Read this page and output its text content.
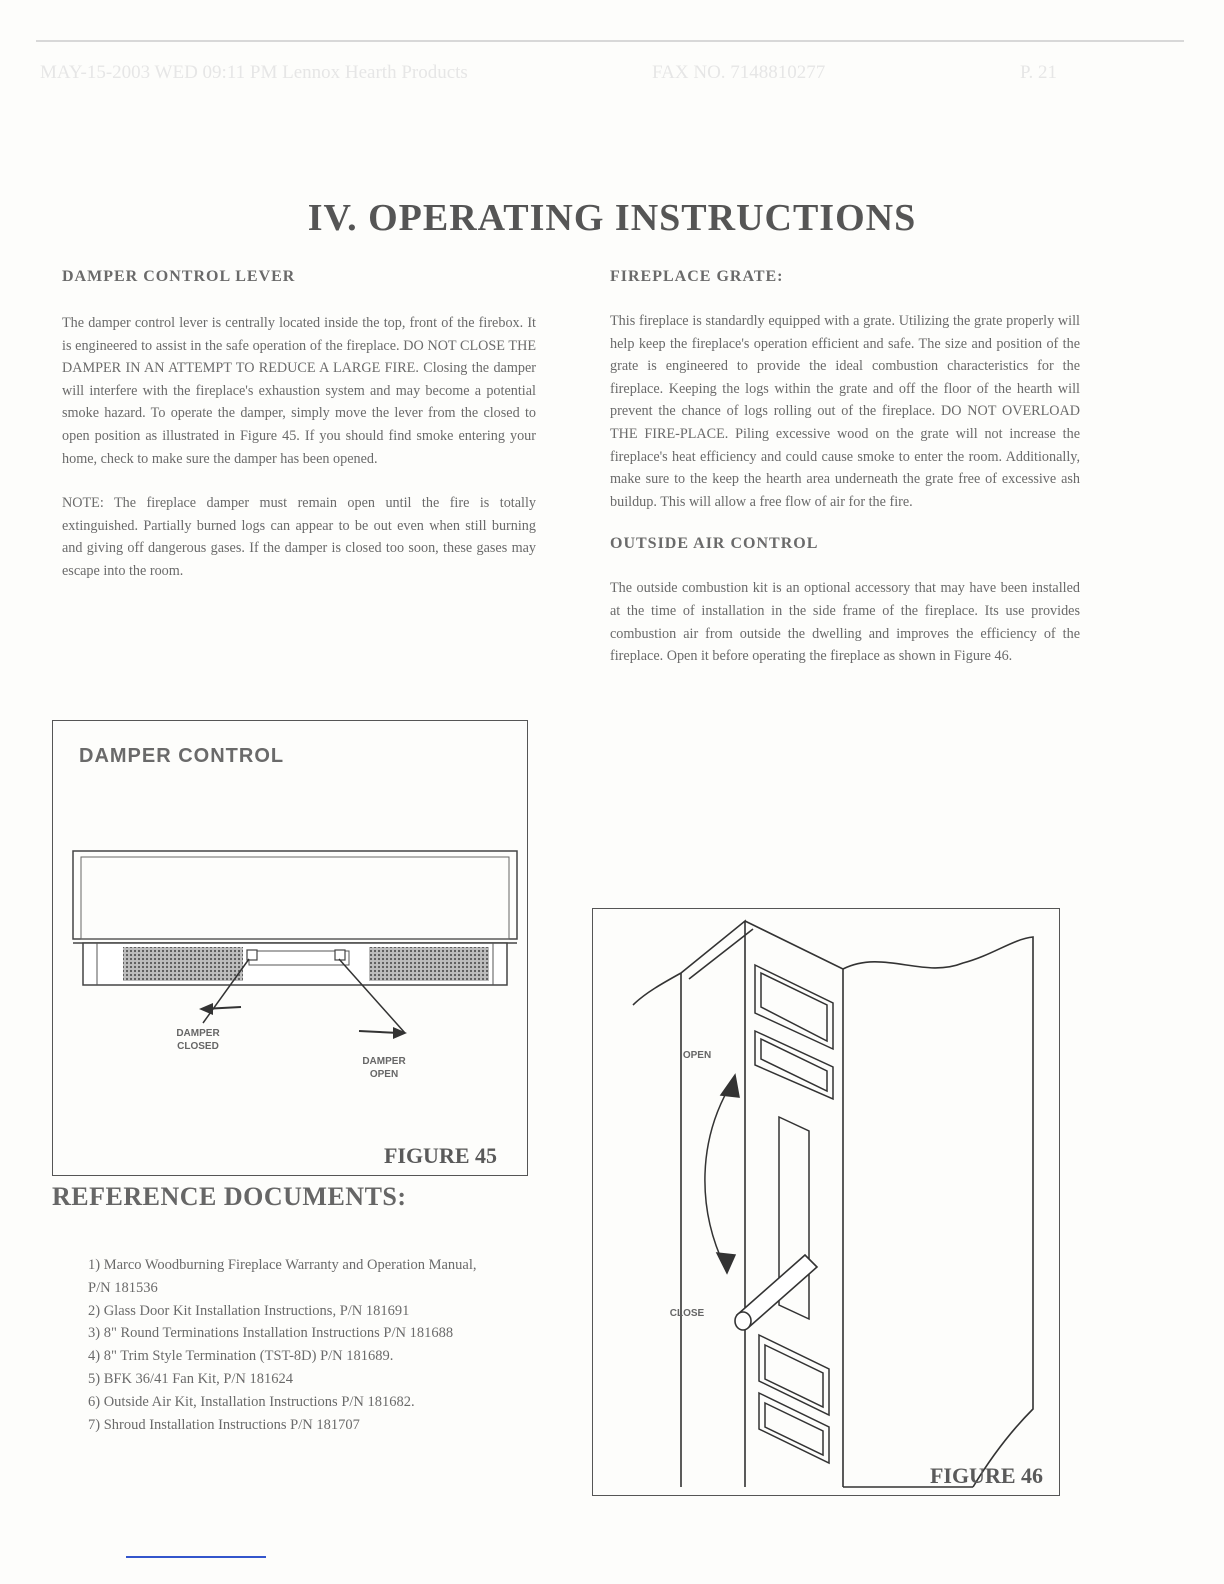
MAY-15-2003 WED 09:11 PM Lennox Hearth Products	FAX NO. 7148810277	P. 21
IV. OPERATING INSTRUCTIONS
DAMPER CONTROL LEVER

The damper control lever is centrally located inside the top, front of the firebox. It is engineered to assist in the safe operation of the fireplace. DO NOT CLOSE THE DAMPER IN AN ATTEMPT TO REDUCE A LARGE FIRE. Closing the damper will interfere with the fireplace's exhaustion system and may become a potential smoke hazard. To operate the damper, simply move the lever from the closed to open position as illustrated in Figure 45. If you should find smoke entering your home, check to make sure the damper has been opened.

NOTE: The fireplace damper must remain open until the fire is totally extinguished. Partially burned logs can appear to be out even when still burning and giving off dangerous gases. If the damper is closed too soon, these gases may escape into the room.

DAMPER CONTROL
DAMPER
CLOSED
DAMPER
OPEN
FIGURE 45
REFERENCE DOCUMENTS:
1) Marco Woodburning Fireplace Warranty and Operation Manual, P/N 181536
2) Glass Door Kit Installation Instructions, P/N 181691
3) 8" Round Terminations Installation Instructions P/N 181688
4) 8" Trim Style Termination (TST-8D) P/N 181689.
5) BFK 36/41 Fan Kit, P/N 181624
6) Outside Air Kit, Installation Instructions P/N 181682.
7) Shroud Installation Instructions P/N 181707
FIREPLACE GRATE:

This fireplace is standardly equipped with a grate. Utilizing the grate properly will help keep the fireplace's operation efficient and safe. The size and position of the grate is engineered to provide the ideal combustion characteristics for the fireplace. Keeping the logs within the grate and off the floor of the hearth will prevent the chance of logs rolling out of the fireplace. DO NOT OVERLOAD THE FIRE-PLACE. Piling excessive wood on the grate will not increase the fireplace's heat efficiency and could cause smoke to enter the room. Additionally, make sure to the keep the hearth area underneath the grate free of excessive ash buildup. This will allow a free flow of air for the fire.

OUTSIDE AIR CONTROL

The outside combustion kit is an optional accessory that may have been installed at the time of installation in the side frame of the fireplace. Its use provides combustion air from outside the dwelling and improves the efficiency of the fireplace. Open it before operating the fireplace as shown in Figure 46.

OPEN
CLOSE
FIGURE 46
